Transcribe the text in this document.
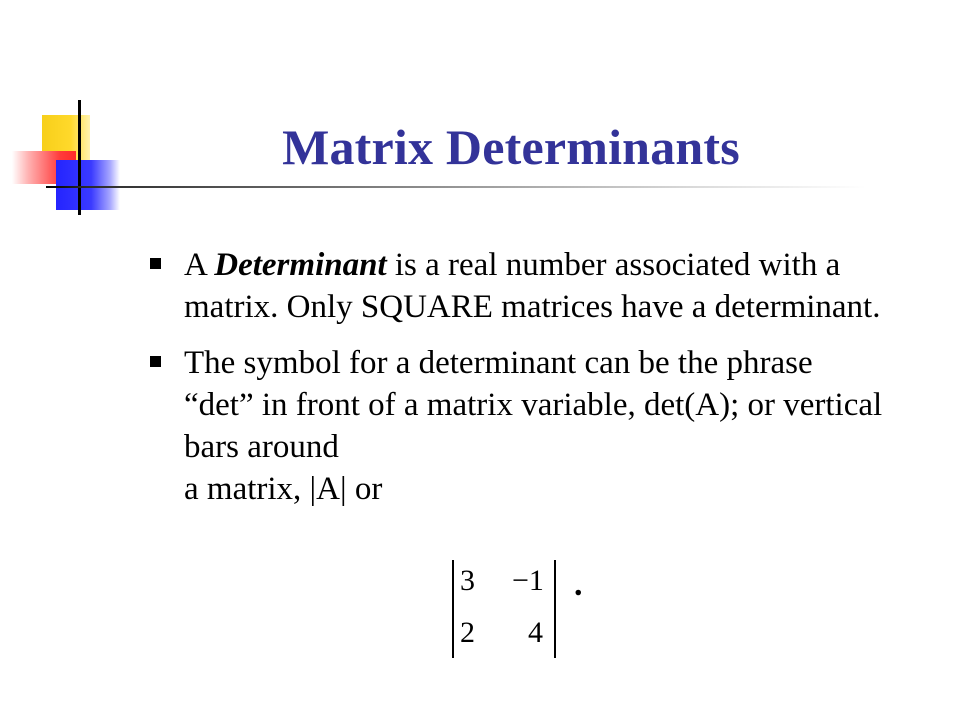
Matrix Determinants
A Determinant is a real number associated with a matrix. Only SQUARE matrices have a determinant.
The symbol for a determinant can be the phrase “det” in front of a matrix variable, det(A); or vertical bars around
a matrix, |A| or
3 −1
2 4
.
